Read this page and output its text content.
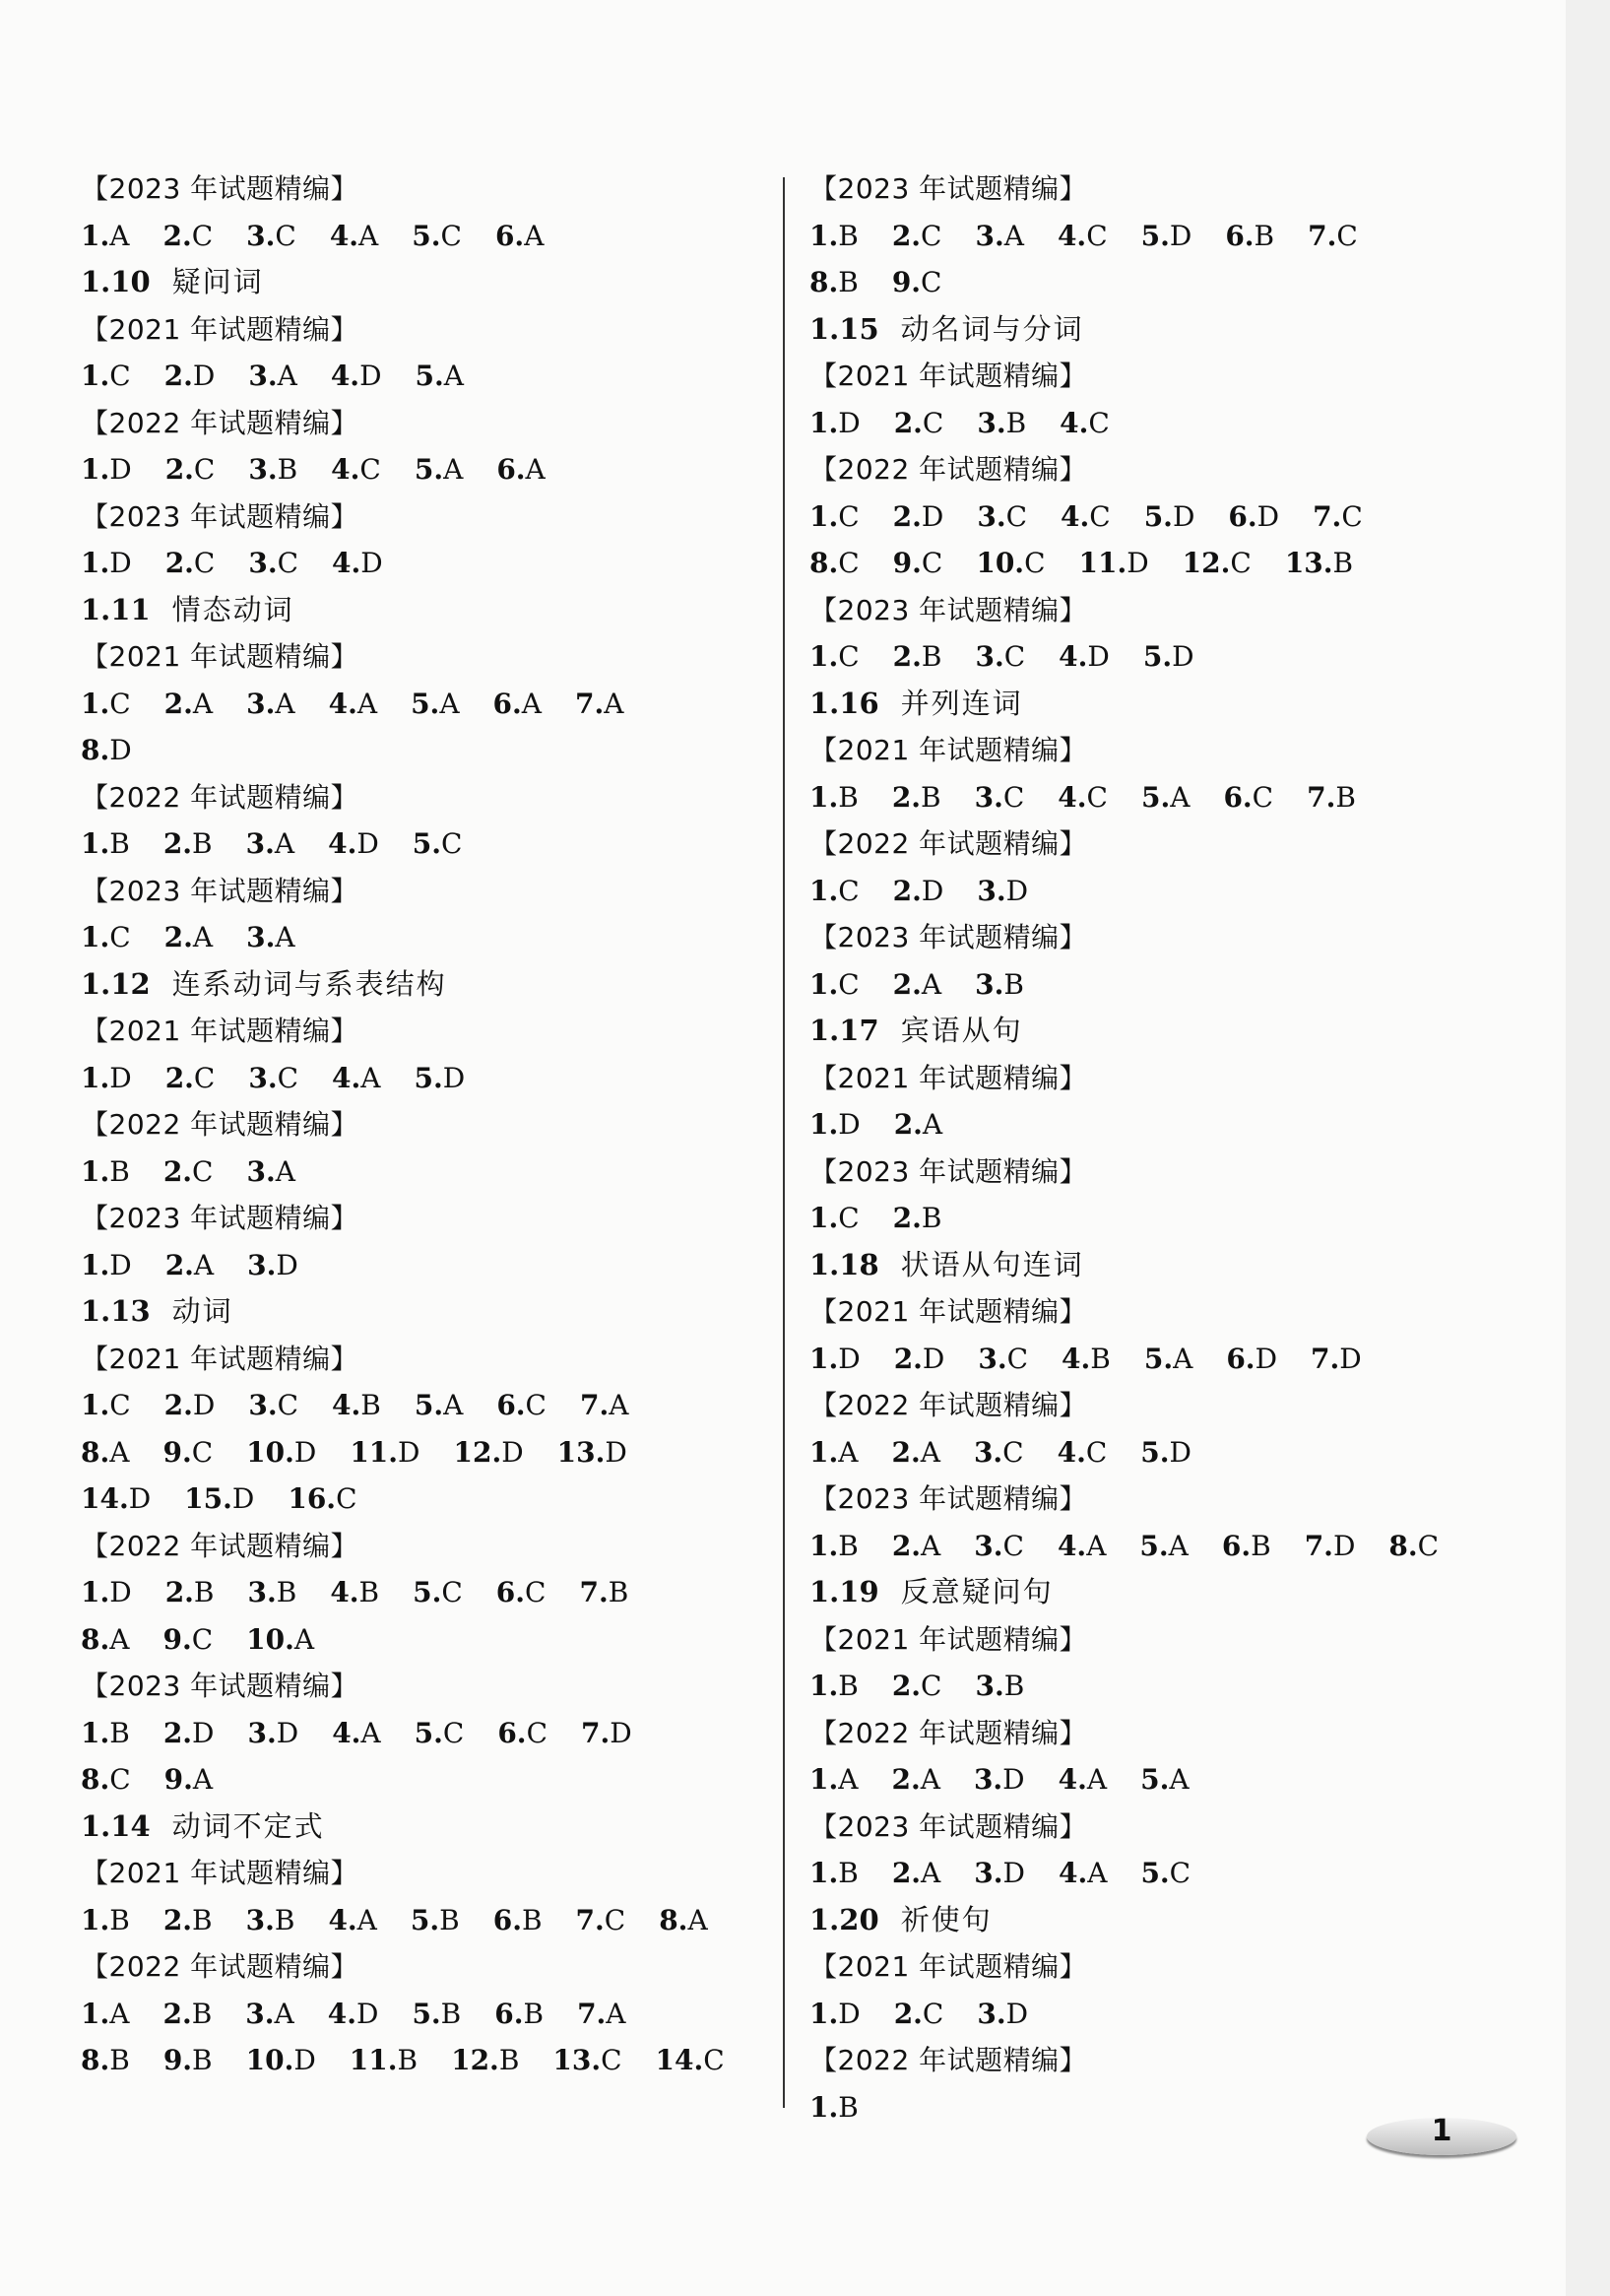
【2023 年试题精编】
1.A 2.C 3.C 4.A 5.C 6.A
1.10 疑问词
【2021 年试题精编】
1.C 2.D 3.A 4.D 5.A
【2022 年试题精编】
1.D 2.C 3.B 4.C 5.A 6.A
【2023 年试题精编】
1.D 2.C 3.C 4.D
1.11 情态动词
【2021 年试题精编】
1.C 2.A 3.A 4.A 5.A 6.A 7.A
8.D
【2022 年试题精编】
1.B 2.B 3.A 4.D 5.C
【2023 年试题精编】
1.C 2.A 3.A
1.12 连系动词与系表结构
【2021 年试题精编】
1.D 2.C 3.C 4.A 5.D
【2022 年试题精编】
1.B 2.C 3.A
【2023 年试题精编】
1.D 2.A 3.D
1.13 动词
【2021 年试题精编】
1.C 2.D 3.C 4.B 5.A 6.C 7.A
8.A 9.C 10.D 11.D 12.D 13.D
14.D 15.D 16.C
【2022 年试题精编】
1.D 2.B 3.B 4.B 5.C 6.C 7.B
8.A 9.C 10.A
【2023 年试题精编】
1.B 2.D 3.D 4.A 5.C 6.C 7.D
8.C 9.A
1.14 动词不定式
【2021 年试题精编】
1.B 2.B 3.B 4.A 5.B 6.B 7.C 8.A
【2022 年试题精编】
1.A 2.B 3.A 4.D 5.B 6.B 7.A
8.B 9.B 10.D 11.B 12.B 13.C 14.C
【2023 年试题精编】
1.B 2.C 3.A 4.C 5.D 6.B 7.C
8.B 9.C
1.15 动名词与分词
【2021 年试题精编】
1.D 2.C 3.B 4.C
【2022 年试题精编】
1.C 2.D 3.C 4.C 5.D 6.D 7.C
8.C 9.C 10.C 11.D 12.C 13.B
【2023 年试题精编】
1.C 2.B 3.C 4.D 5.D
1.16 并列连词
【2021 年试题精编】
1.B 2.B 3.C 4.C 5.A 6.C 7.B
【2022 年试题精编】
1.C 2.D 3.D
【2023 年试题精编】
1.C 2.A 3.B
1.17 宾语从句
【2021 年试题精编】
1.D 2.A
【2023 年试题精编】
1.C 2.B
1.18 状语从句连词
【2021 年试题精编】
1.D 2.D 3.C 4.B 5.A 6.D 7.D
【2022 年试题精编】
1.A 2.A 3.C 4.C 5.D
【2023 年试题精编】
1.B 2.A 3.C 4.A 5.A 6.B 7.D 8.C
1.19 反意疑问句
【2021 年试题精编】
1.B 2.C 3.B
【2022 年试题精编】
1.A 2.A 3.D 4.A 5.A
【2023 年试题精编】
1.B 2.A 3.D 4.A 5.C
1.20 祈使句
【2021 年试题精编】
1.D 2.C 3.D
【2022 年试题精编】
1.B
1
